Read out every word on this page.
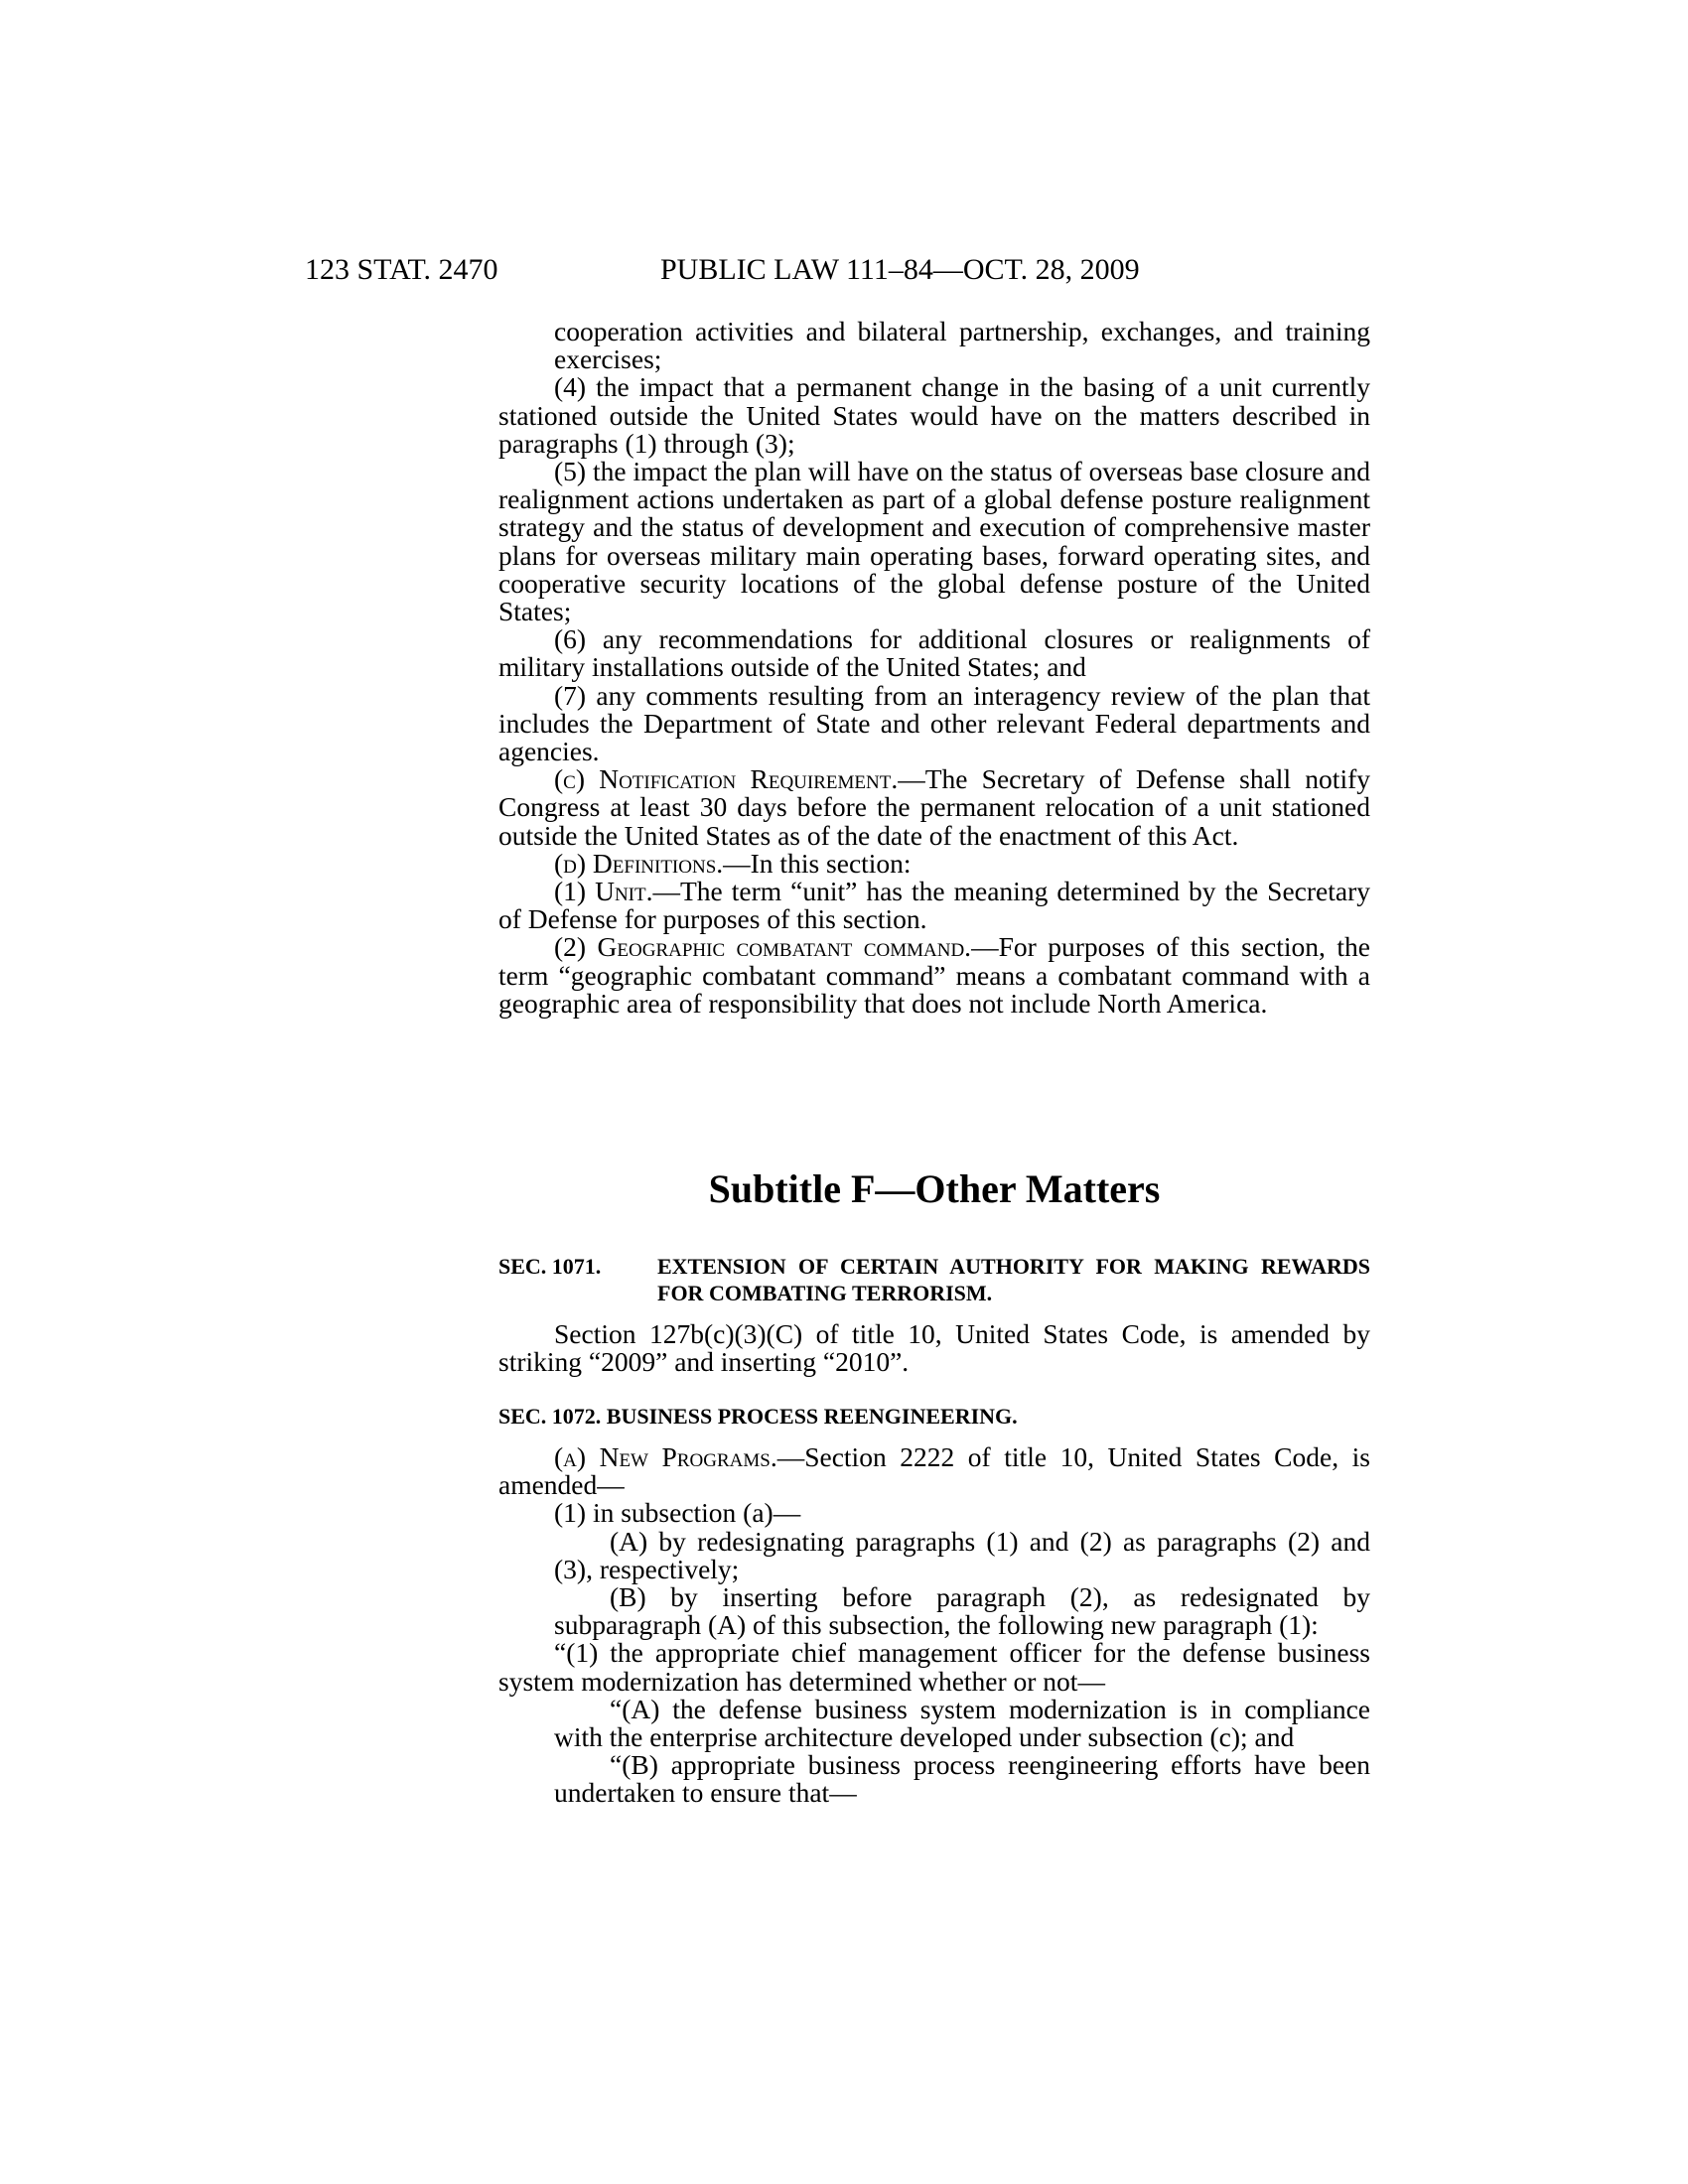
123 STAT. 2470	PUBLIC LAW 111–84—OCT. 28, 2009

cooperation activities and bilateral partnership, exchanges, and training exercises;

(4) the impact that a permanent change in the basing of a unit currently stationed outside the United States would have on the matters described in paragraphs (1) through (3);

(5) the impact the plan will have on the status of overseas base closure and realignment actions undertaken as part of a global defense posture realignment strategy and the status of development and execution of comprehensive master plans for overseas military main operating bases, forward operating sites, and cooperative security locations of the global defense posture of the United States;

(6) any recommendations for additional closures or realignments of military installations outside of the United States; and

(7) any comments resulting from an interagency review of the plan that includes the Department of State and other relevant Federal departments and agencies.

(c) Notification Requirement.—The Secretary of Defense shall notify Congress at least 30 days before the permanent relocation of a unit stationed outside the United States as of the date of the enactment of this Act.

(d) Definitions.—In this section:

(1) Unit.—The term “unit” has the meaning determined by the Secretary of Defense for purposes of this section.

(2) Geographic combatant command.—For purposes of this section, the term “geographic combatant command” means a combatant command with a geographic area of responsibility that does not include North America.

Subtitle F—Other Matters
SEC. 1071.	EXTENSION OF CERTAIN AUTHORITY FOR MAKING REWARDS FOR COMBATING TERRORISM.

Section 127b(c)(3)(C) of title 10, United States Code, is amended by striking “2009” and inserting “2010”.

SEC. 1072. BUSINESS PROCESS REENGINEERING.

(a) New Programs.—Section 2222 of title 10, United States Code, is amended—

(1) in subsection (a)—

(A) by redesignating paragraphs (1) and (2) as paragraphs (2) and (3), respectively;

(B) by inserting before paragraph (2), as redesignated by subparagraph (A) of this subsection, the following new paragraph (1):

“(1) the appropriate chief management officer for the defense business system modernization has determined whether or not—

“(A) the defense business system modernization is in compliance with the enterprise architecture developed under subsection (c); and

“(B) appropriate business process reengineering efforts have been undertaken to ensure that—
